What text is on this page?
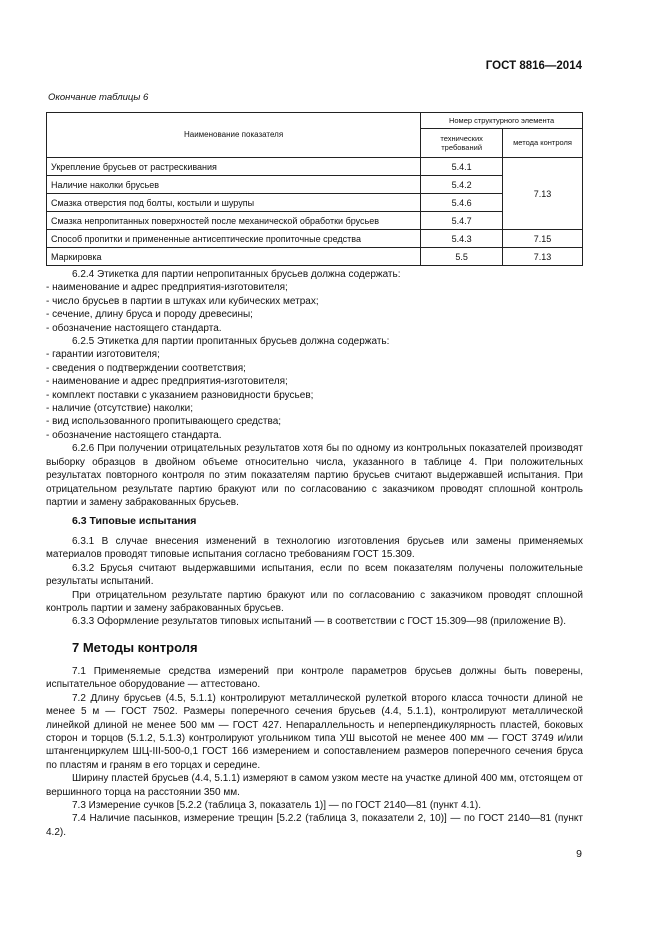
ГОСТ 8816—2014
Окончание таблицы 6
Наименование показателя	Номер структурного элемента	
	технических требований	метода контроля
Укрепление брусьев от растрескивания	5.4.1	7.13
Наличие наколки брусьев	5.4.2	
Смазка отверстия под болты, костыли и шурупы	5.4.6	
Смазка непропитанных поверхностей после механической обработки брусьев	5.4.7	
Способ пропитки и примененные антисептические пропиточные средства	5.4.3	7.15
Маркировка	5.5	7.13

6.2.4 Этикетка для партии непропитанных брусьев должна содержать:

- наименование и адрес предприятия-изготовителя;

- число брусьев в партии в штуках или кубических метрах;

- сечение, длину бруса и породу древесины;

- обозначение настоящего стандарта.

6.2.5 Этикетка для партии пропитанных брусьев должна содержать:

- гарантии изготовителя;

- сведения о подтверждении соответствия;

- наименование и адрес предприятия-изготовителя;

- комплект поставки с указанием разновидности брусьев;

- наличие (отсутствие) наколки;

- вид использованного пропитывающего средства;

- обозначение настоящего стандарта.

6.2.6 При получении отрицательных результатов хотя бы по одному из контрольных показателей производят выборку образцов в двойном объеме относительно числа, указанного в таблице 4. При положительных результатах повторного контроля по этим показателям партию брусьев считают выдержавшей испытания. При отрицательном результате партию бракуют или по согласованию с заказчиком проводят сплошной контроль партии и замену забракованных брусьев.

6.3 Типовые испытания

6.3.1 В случае внесения изменений в технологию изготовления брусьев или замены применяемых материалов проводят типовые испытания согласно требованиям ГОСТ 15.309.

6.3.2 Брусья считают выдержавшими испытания, если по всем показателям получены положительные результаты испытаний.

При отрицательном результате партию бракуют или по согласованию с заказчиком проводят сплошной контроль партии и замену забракованных брусьев.

6.3.3 Оформление результатов типовых испытаний — в соответствии с ГОСТ 15.309—98 (приложение В).

7 Методы контроля

7.1 Применяемые средства измерений при контроле параметров брусьев должны быть поверены, испытательное оборудование — аттестовано.

7.2 Длину брусьев (4.5, 5.1.1) контролируют металлической рулеткой второго класса точности длиной не менее 5 м — ГОСТ 7502. Размеры поперечного сечения брусьев (4.4, 5.1.1), контролируют металлической линейкой длиной не менее 500 мм — ГОСТ 427. Непараллельность и неперпендикулярность пластей, боковых сторон и торцов (5.1.2, 5.1.3) контролируют угольником типа УШ высотой не менее 400 мм — ГОСТ 3749 и/или штангенциркулем ШЦ-III-500-0,1 ГОСТ 166 измерением и сопоставлением размеров поперечного сечения бруса по пластям и граням в его торцах и середине.

Ширину пластей брусьев (4.4, 5.1.1) измеряют в самом узком месте на участке длиной 400 мм, отстоящем от вершинного торца на расстоянии 350 мм.

7.3 Измерение сучков [5.2.2 (таблица 3, показатель 1)] — по ГОСТ 2140—81 (пункт 4.1).

7.4 Наличие пасынков, измерение трещин [5.2.2 (таблица 3, показатели 2, 10)] — по ГОСТ 2140—81 (пункт 4.2).

9
